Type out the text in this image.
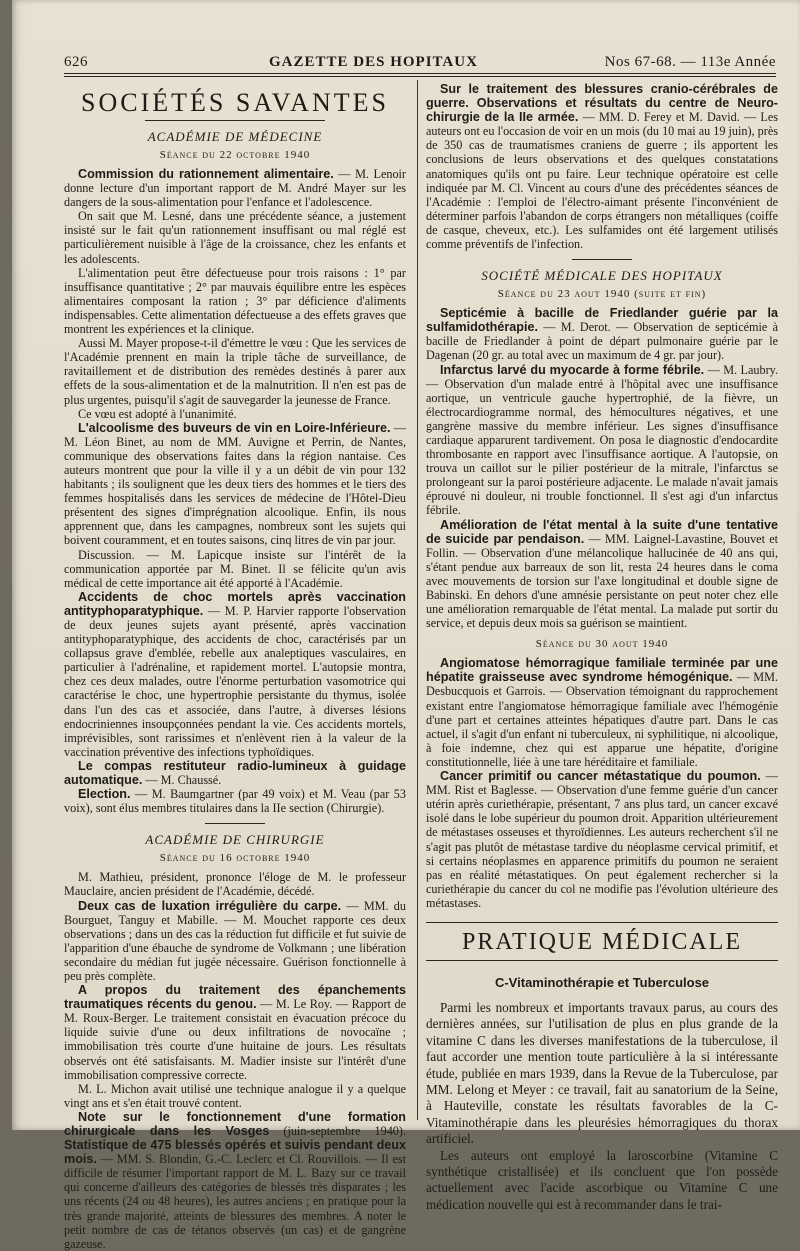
626	GAZETTE DES HOPITAUX	Nos 67-68. — 113e Année
SOCIÉTÉS SAVANTES
ACADÉMIE DE MÉDECINE
Séance du 22 octobre 1940

Commission du rationnement alimentaire. — M. Lenoir donne lecture d'un important rapport de M. André Mayer sur les dangers de la sous-alimentation pour l'enfance et l'adolescence.

On sait que M. Lesné, dans une précédente séance, a justement insisté sur le fait qu'un rationnement insuffisant ou mal réglé est particulièrement nuisible à l'âge de la croissance, chez les enfants et les adolescents.

L'alimentation peut être défectueuse pour trois raisons : 1° par insuffisance quantitative ; 2° par mauvais équilibre entre les espèces alimentaires composant la ration ; 3° par déficience d'aliments indispensables. Cette alimentation défectueuse a des effets graves que montrent les expériences et la clinique.

Aussi M. Mayer propose-t-il d'émettre le vœu : Que les services de l'Académie prennent en main la triple tâche de surveillance, de ravitaillement et de distribution des remèdes destinés à parer aux effets de la sous-alimentation et de la malnutrition. Il n'en est pas de plus urgentes, puisqu'il s'agit de sauvegarder la jeunesse de France.

Ce vœu est adopté à l'unanimité.

L'alcoolisme des buveurs de vin en Loire-Inférieure. — M. Léon Binet, au nom de MM. Auvigne et Perrin, de Nantes, communique des observations faites dans la région nantaise. Ces auteurs montrent que pour la ville il y a un débit de vin pour 132 habitants ; ils soulignent que les deux tiers des hommes et le tiers des femmes hospitalisés dans les services de médecine de l'Hôtel-Dieu présentent des signes d'imprégnation alcoolique. Enfin, ils nous apprennent que, dans les campagnes, nombreux sont les sujets qui boivent couramment, et en toutes saisons, cinq litres de vin par jour.

Discussion. — M. Lapicque insiste sur l'intérêt de la communication apportée par M. Binet. Il se félicite qu'un avis médical de cette importance ait été apporté à l'Académie.

Accidents de choc mortels après vaccination antityphoparatyphique. — M. P. Harvier rapporte l'observation de deux jeunes sujets ayant présenté, après vaccination antityphoparatyphique, des accidents de choc, caractérisés par un collapsus grave d'emblée, rebelle aux analeptiques vasculaires, en particulier à l'adrénaline, et rapidement mortel. L'autopsie montra, chez ces deux malades, outre l'énorme perturbation vasomotrice qui caractérise le choc, une hypertrophie persistante du thymus, isolée dans l'un des cas et associée, dans l'autre, à diverses lésions endocriniennes insoupçonnées pendant la vie. Ces accidents mortels, imprévisibles, sont rarissimes et n'enlèvent rien à la valeur de la vaccination préventive des infections typhoïdiques.

Le compas restituteur radio-lumineux à guidage automatique. — M. Chaussé.

Election. — M. Baumgartner (par 49 voix) et M. Veau (par 53 voix), sont élus membres titulaires dans la IIe section (Chirurgie).

ACADÉMIE DE CHIRURGIE
Séance du 16 octobre 1940

M. Mathieu, président, prononce l'éloge de M. le professeur Mauclaire, ancien président de l'Académie, décédé.

Deux cas de luxation irrégulière du carpe. — MM. du Bourguet, Tanguy et Mabille. — M. Mouchet rapporte ces deux observations ; dans un des cas la réduction fut difficile et fut suivie de l'apparition d'une ébauche de syndrome de Volkmann ; une libération secondaire du médian fut jugée nécessaire. Guérison fonctionnelle à peu près complète.

A propos du traitement des épanchements traumatiques récents du genou. — M. Le Roy. — Rapport de M. Roux-Berger. Le traitement consistait en évacuation précoce du liquide suivie d'une ou deux infiltrations de novocaïne ; immobilisation très courte d'une huitaine de jours. Les résultats observés ont été satisfaisants. M. Madier insiste sur l'intérêt d'une immobilisation compressive correcte.

M. L. Michon avait utilisé une technique analogue il y a quelque vingt ans et s'en était trouvé content.

Note sur le fonctionnement d'une formation chirurgicale dans les Vosges (juin-septembre 1940). Statistique de 475 blessés opérés et suivis pendant deux mois. — MM. S. Blondin, G.-C. Leclerc et Cl. Rouvillois. — Il est difficile de résumer l'important rapport de M. L. Bazy sur ce travail qui concerne d'ailleurs des catégories de blessés très disparates ; les uns récents (24 ou 48 heures), les autres anciens ; en pratique pour la très grande majorité, atteints de blessures des membres. A noter le petit nombre de cas de tétanos observés (un cas) et de gangrène gazeuse.

Sur le traitement des blessures cranio-cérébrales de guerre. Observations et résultats du centre de Neuro-chirurgie de la IIe armée. — MM. D. Ferey et M. David. — Les auteurs ont eu l'occasion de voir en un mois (du 10 mai au 19 juin), près de 350 cas de traumatismes craniens de guerre ; ils apportent les conclusions de leurs observations et des quelques constatations anatomiques qu'ils ont pu faire. Leur technique opératoire est celle indiquée par M. Cl. Vincent au cours d'une des précédentes séances de l'Académie : l'emploi de l'électro-aimant présente l'inconvénient de déterminer parfois l'abandon de corps étrangers non métalliques (coiffe de casque, cheveux, etc.). Les sulfamides ont été largement utilisés comme préventifs de l'infection.

SOCIÉTÉ MÉDICALE DES HOPITAUX
Séance du 23 aout 1940 (suite et fin)

Septicémie à bacille de Friedlander guérie par la sulfamidothérapie. — M. Derot. — Observation de septicémie à bacille de Friedlander à point de départ pulmonaire guérie par le Dagenan (20 gr. au total avec un maximum de 4 gr. par jour).

Infarctus larvé du myocarde à forme fébrile. — M. Laubry. — Observation d'un malade entré à l'hôpital avec une insuffisance aortique, un ventricule gauche hypertrophié, de la fièvre, un électrocardiogramme normal, des hémocultures négatives, et une gangrène massive du membre inférieur. Les signes d'insuffisance cardiaque apparurent tardivement. On posa le diagnostic d'endocardite thrombosante en rapport avec l'insuffisance aortique. A l'autopsie, on trouva un caillot sur le pilier postérieur de la mitrale, l'infarctus se prolongeant sur la paroi postérieure adjacente. Le malade n'avait jamais éprouvé ni douleur, ni trouble fonctionnel. Il s'est agi d'un infarctus fébrile.

Amélioration de l'état mental à la suite d'une tentative de suicide par pendaison. — MM. Laignel-Lavastine, Bouvet et Follin. — Observation d'une mélancolique hallucinée de 40 ans qui, s'étant pendue aux barreaux de son lit, resta 24 heures dans le coma avec mouvements de torsion sur l'axe longitudinal et double signe de Babinski. En dehors d'une amnésie persistante on peut noter chez elle une amélioration remarquable de l'état mental. La malade put sortir du service, et depuis deux mois sa guérison se maintient.

Séance du 30 aout 1940

Angiomatose hémorragique familiale terminée par une hépatite graisseuse avec syndrome hémogénique. — MM. Desbucquois et Garrois. — Observation témoignant du rapprochement existant entre l'angiomatose hémorragique familiale avec l'hémogénie d'une part et certaines atteintes hépatiques d'autre part. Dans le cas actuel, il s'agit d'un enfant ni tuberculeux, ni syphilitique, ni alcoolique, à foie indemne, chez qui est apparue une hépatite, d'origine constitutionnelle, liée à une tare héréditaire et familiale.

Cancer primitif ou cancer métastatique du poumon. — MM. Rist et Baglesse. — Observation d'une femme guérie d'un cancer utérin après curiethérapie, présentant, 7 ans plus tard, un cancer excavé isolé dans le lobe supérieur du poumon droit. Apparition ultérieurement de métastases osseuses et thyroïdiennes. Les auteurs recherchent s'il ne s'agit pas plutôt de métastase tardive du néoplasme cervical primitif, et si certains néoplasmes en apparence primitifs du poumon ne seraient pas en réalité métastatiques. On peut également rechercher si la curiethérapie du cancer du col ne modifie pas l'évolution ultérieure des métastases.

PRATIQUE MÉDICALE
C-Vitaminothérapie et Tuberculose

Parmi les nombreux et importants travaux parus, au cours des dernières années, sur l'utilisation de plus en plus grande de la vitamine C dans les diverses manifestations de la tuberculose, il faut accorder une mention toute particulière à la si intéressante étude, publiée en mars 1939, dans la Revue de la Tuberculose, par MM. Lelong et Meyer : ce travail, fait au sanatorium de la Seine, à Hauteville, constate les résultats favorables de la C-Vitaminothérapie dans les pleurésies hémorragiques du thorax artificiel.

Les auteurs ont employé la laroscorbine (Vitamine C synthétique cristallisée) et ils concluent que l'on possède actuellement avec l'acide ascorbique ou Vitamine C une médication nouvelle qui est à recommander dans le trai-
